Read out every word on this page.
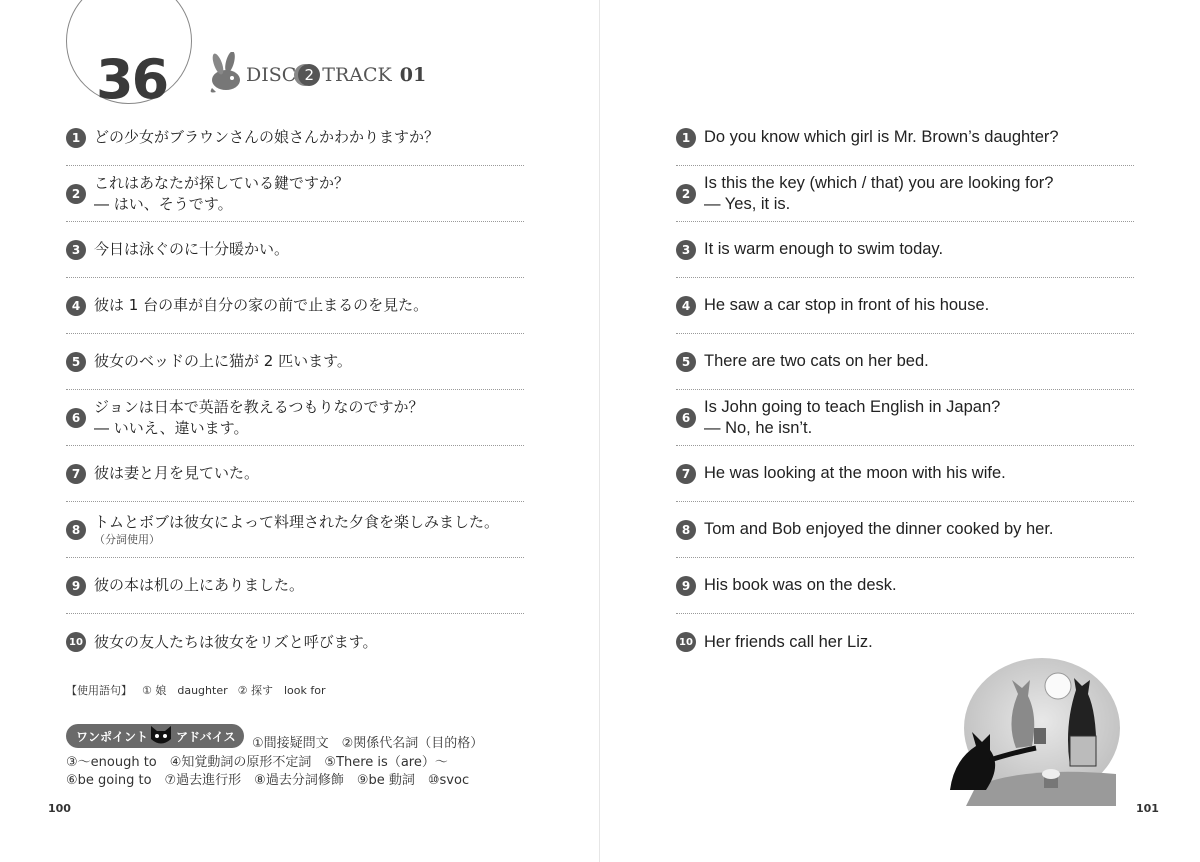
36	DISC 2 TRACK 01
1 どの少女がブラウンさんの娘さんかわかりますか？
2
これはあなたが探している鍵ですか？
― はい、そうです。
3 今日は泳ぐのに十分暖かい。
4 彼は 1 台の車が自分の家の前で止まるのを見た。
5 彼女のベッドの上に猫が 2 匹います。
6
ジョンは日本で英語を教えるつもりなのですか？
― いいえ、違います。
7 彼は妻と月を見ていた。
8 トムとボブは彼女によって料理された夕食を楽しみました。
（分詞使用）
9 彼の本は机の上にありました。
10 彼女の友人たちは彼女をリズと呼びます。
【使用語句】 ① 娘　daughter ② 探す　look for
ワンポイント アドバイス ①間接疑問文　②関係代名詞（目的格）
③～enough to　④知覚動詞の原形不定詞　⑤There is（are）～
⑥be going to　⑦過去進行形　⑧過去分詞修飾　⑨be 動詞　⑩svoc
100
1 Do you know which girl is Mr. Brown’s daughter?
2
Is this the key (which / that) you are looking for?
— Yes, it is.
3 It is warm enough to swim today.
4 He saw a car stop in front of his house.
5 There are two cats on her bed.
6
Is John going to teach English in Japan?
— No, he isn’t.
7 He was looking at the moon with his wife.
8 Tom and Bob enjoyed the dinner cooked by her.
9 His book was on the desk.
10 Her friends call her Liz.
101
